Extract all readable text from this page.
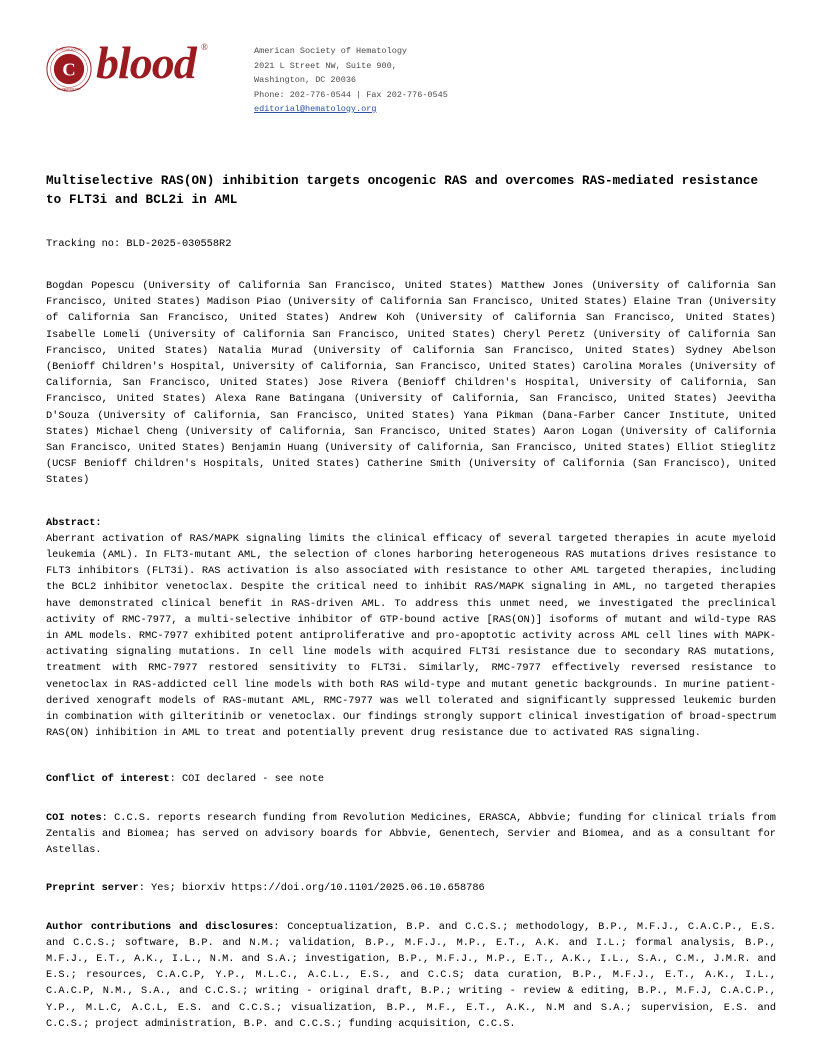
C
AMERICAN SOCIETY
OF HEMATOLOGY
blood ®	American Society of Hematology
2021 L Street NW, Suite 900,
Washington, DC 20036
Phone: 202-776-0544 | Fax 202-776-0545
editorial@hematology.org
Multiselective RAS(ON) inhibition targets oncogenic RAS and overcomes RAS-mediated resistance to FLT3i and BCL2i in AML
Tracking no: BLD-2025-030558R2
Bogdan Popescu (University of California San Francisco, United States) Matthew Jones (University of California San Francisco, United States) Madison Piao (University of California San Francisco, United States) Elaine Tran (University of California San Francisco, United States) Andrew Koh (University of California San Francisco, United States) Isabelle Lomeli (University of California San Francisco, United States) Cheryl Peretz (University of California San Francisco, United States) Natalia Murad (University of California San Francisco, United States) Sydney Abelson (Benioff Children's Hospital, University of California, San Francisco, United States) Carolina Morales (University of California, San Francisco, United States) Jose Rivera (Benioff Children's Hospital, University of California, San Francisco, United States) Alexa Rane Batingana (University of California, San Francisco, United States) Jeevitha D'Souza (University of California, San Francisco, United States) Yana Pikman (Dana-Farber Cancer Institute, United States) Michael Cheng (University of California, San Francisco, United States) Aaron Logan (University of California San Francisco, United States) Benjamin Huang (University of California, San Francisco, United States) Elliot Stieglitz (UCSF Benioff Children's Hospitals, United States) Catherine Smith (University of California (San Francisco), United States)
Abstract:
Aberrant activation of RAS/MAPK signaling limits the clinical efficacy of several targeted therapies in acute myeloid leukemia (AML). In FLT3-mutant AML, the selection of clones harboring heterogeneous RAS mutations drives resistance to FLT3 inhibitors (FLT3i). RAS activation is also associated with resistance to other AML targeted therapies, including the BCL2 inhibitor venetoclax. Despite the critical need to inhibit RAS/MAPK signaling in AML, no targeted therapies have demonstrated clinical benefit in RAS-driven AML. To address this unmet need, we investigated the preclinical activity of RMC-7977, a multi-selective inhibitor of GTP-bound active [RAS(ON)] isoforms of mutant and wild-type RAS in AML models. RMC-7977 exhibited potent antiproliferative and pro-apoptotic activity across AML cell lines with MAPK-activating signaling mutations. In cell line models with acquired FLT3i resistance due to secondary RAS mutations, treatment with RMC-7977 restored sensitivity to FLT3i. Similarly, RMC-7977 effectively reversed resistance to venetoclax in RAS-addicted cell line models with both RAS wild-type and mutant genetic backgrounds. In murine patient-derived xenograft models of RAS-mutant AML, RMC-7977 was well tolerated and significantly suppressed leukemic burden in combination with gilteritinib or venetoclax. Our findings strongly support clinical investigation of broad-spectrum RAS(ON) inhibition in AML to treat and potentially prevent drug resistance due to activated RAS signaling.
Conflict of interest: COI declared - see note
COI notes: C.C.S. reports research funding from Revolution Medicines, ERASCA, Abbvie; funding for clinical trials from Zentalis and Biomea; has served on advisory boards for Abbvie, Genentech, Servier and Biomea, and as a consultant for Astellas.
Preprint server: Yes; biorxiv https://doi.org/10.1101/2025.06.10.658786
Author contributions and disclosures: Conceptualization, B.P. and C.C.S.; methodology, B.P., M.F.J., C.A.C.P., E.S. and C.C.S.; software, B.P. and N.M.; validation, B.P., M.F.J., M.P., E.T., A.K. and I.L.; formal analysis, B.P., M.F.J., E.T., A.K., I.L., N.M. and S.A.; investigation, B.P., M.F.J., M.P., E.T., A.K., I.L., S.A., C.M., J.M.R. and E.S.; resources, C.A.C.P, Y.P., M.L.C., A.C.L., E.S., and C.C.S; data curation, B.P., M.F.J., E.T., A.K., I.L., C.A.C.P, N.M., S.A., and C.C.S.; writing - original draft, B.P.; writing - review & editing, B.P., M.F.J, C.A.C.P., Y.P., M.L.C, A.C.L, E.S. and C.C.S.; visualization, B.P., M.F., E.T., A.K., N.M and S.A.; supervision, E.S. and C.C.S.; project administration, B.P. and C.C.S.; funding acquisition, C.C.S.
